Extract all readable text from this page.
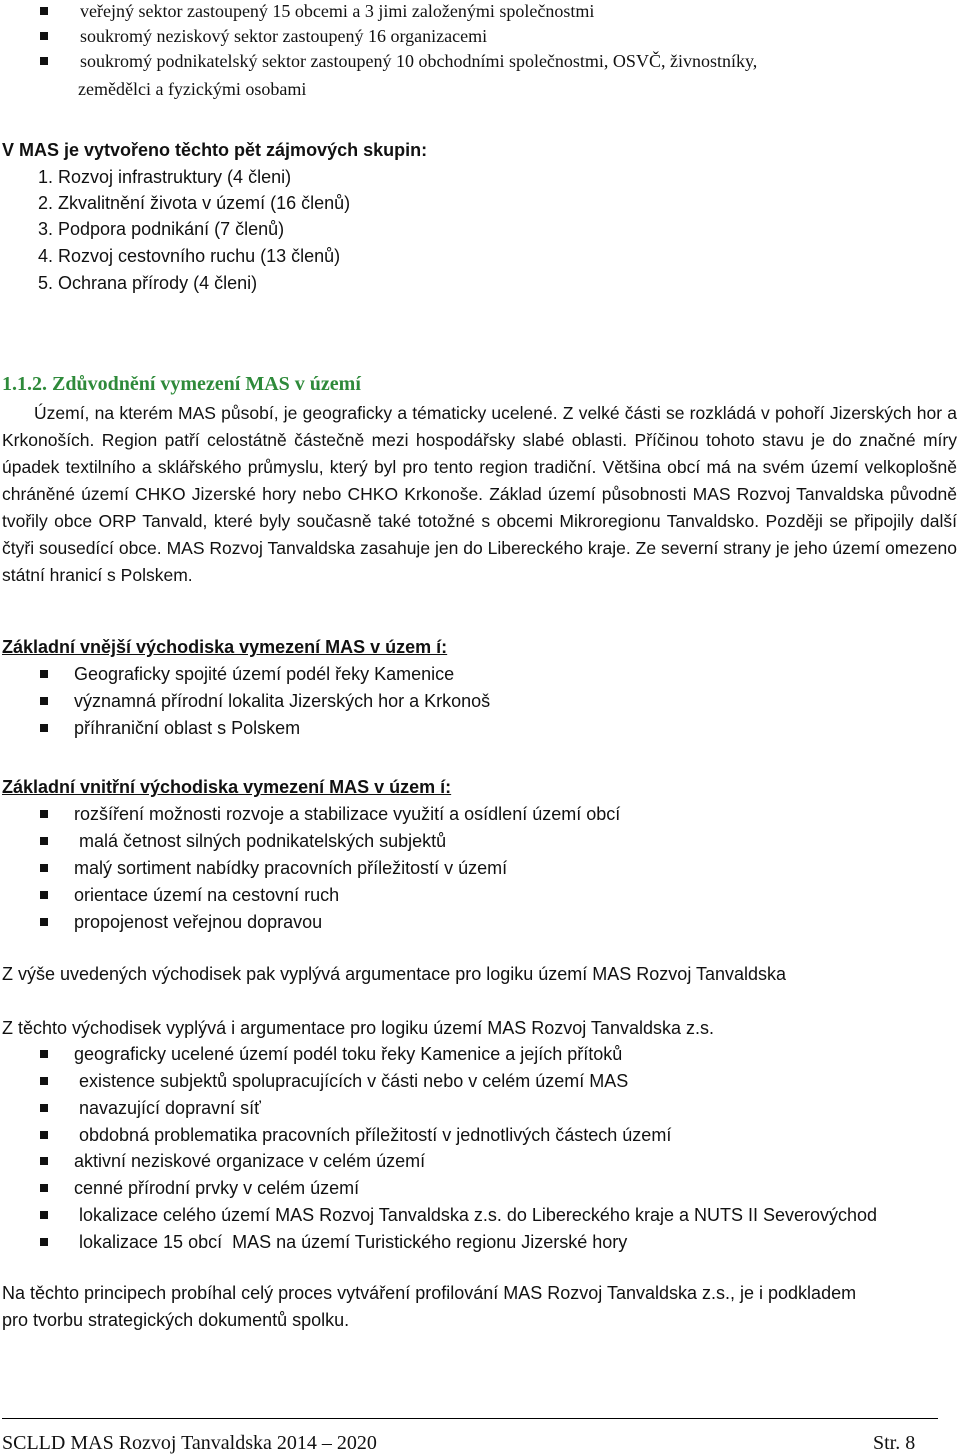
veřejný sektor zastoupený 15 obcemi a 3 jimi založenými společnostmi
soukromý neziskový sektor zastoupený 16 organizacemi
soukromý podnikatelský sektor zastoupený 10 obchodními společnostmi, OSVČ, živnostníky,
zemědělci a fyzickými osobami
V MAS je vytvořeno těchto pět zájmových skupin:
1. Rozvoj infrastruktury (4 členi)
2. Zkvalitnění života v území (16 členů)
3. Podpora podnikání (7 členů)
4. Rozvoj cestovního ruchu (13 členů)
5. Ochrana přírody (4 členi)
1.1.2. Zdůvodnění vymezení MAS v území
Území, na kterém MAS působí, je geograficky a tématicky ucelené. Z velké části se rozkládá v pohoří Jizerských hor a Krkonoších. Region patří celostátně částečně mezi hospodářsky slabé oblasti. Příčinou tohoto stavu je do značné míry úpadek textilního a sklářského průmyslu, který byl pro tento region tradiční. Většina obcí má na svém území velkoplošně chráněné území CHKO Jizerské hory nebo CHKO Krkonoše. Základ území působnosti MAS Rozvoj Tanvaldska původně tvořily obce ORP Tanvald, které byly současně také totožné s obcemi Mikroregionu Tanvaldsko. Později se připojily další čtyři sousedící obce. MAS Rozvoj Tanvaldska zasahuje jen do Libereckého kraje. Ze severní strany je jeho území omezeno státní hranicí s Polskem.
Základní vnější východiska vymezení MAS v územ í:
Geograficky spojité území podél řeky Kamenice
významná přírodní lokalita Jizerských hor a Krkonoš
příhraniční oblast s Polskem
Základní vnitřní východiska vymezení MAS v územ í:
rozšíření možnosti rozvoje a stabilizace využití a osídlení území obcí
malá četnost silných podnikatelských subjektů
malý sortiment nabídky pracovních příležitostí v území
orientace území na cestovní ruch
propojenost veřejnou dopravou
Z výše uvedených východisek pak vyplývá argumentace pro logiku území MAS Rozvoj Tanvaldska
Z těchto východisek vyplývá i argumentace pro logiku území MAS Rozvoj Tanvaldska z.s.
geograficky ucelené území podél toku řeky Kamenice a jejích přítoků
existence subjektů spolupracujících v části nebo v celém území MAS
navazující dopravní síť
obdobná problematika pracovních příležitostí v jednotlivých částech území
aktivní neziskové organizace v celém území
cenné přírodní prvky v celém území
lokalizace celého území MAS Rozvoj Tanvaldska z.s. do Libereckého kraje a NUTS II Severovýchod
lokalizace 15 obcí  MAS na území Turistického regionu Jizerské hory
Na těchto principech probíhal celý proces vytváření profilování MAS Rozvoj Tanvaldska z.s., je i podkladem
pro tvorbu strategických dokumentů spolku.
SCLLD MAS Rozvoj Tanvaldska 2014 – 2020	Str. 8
